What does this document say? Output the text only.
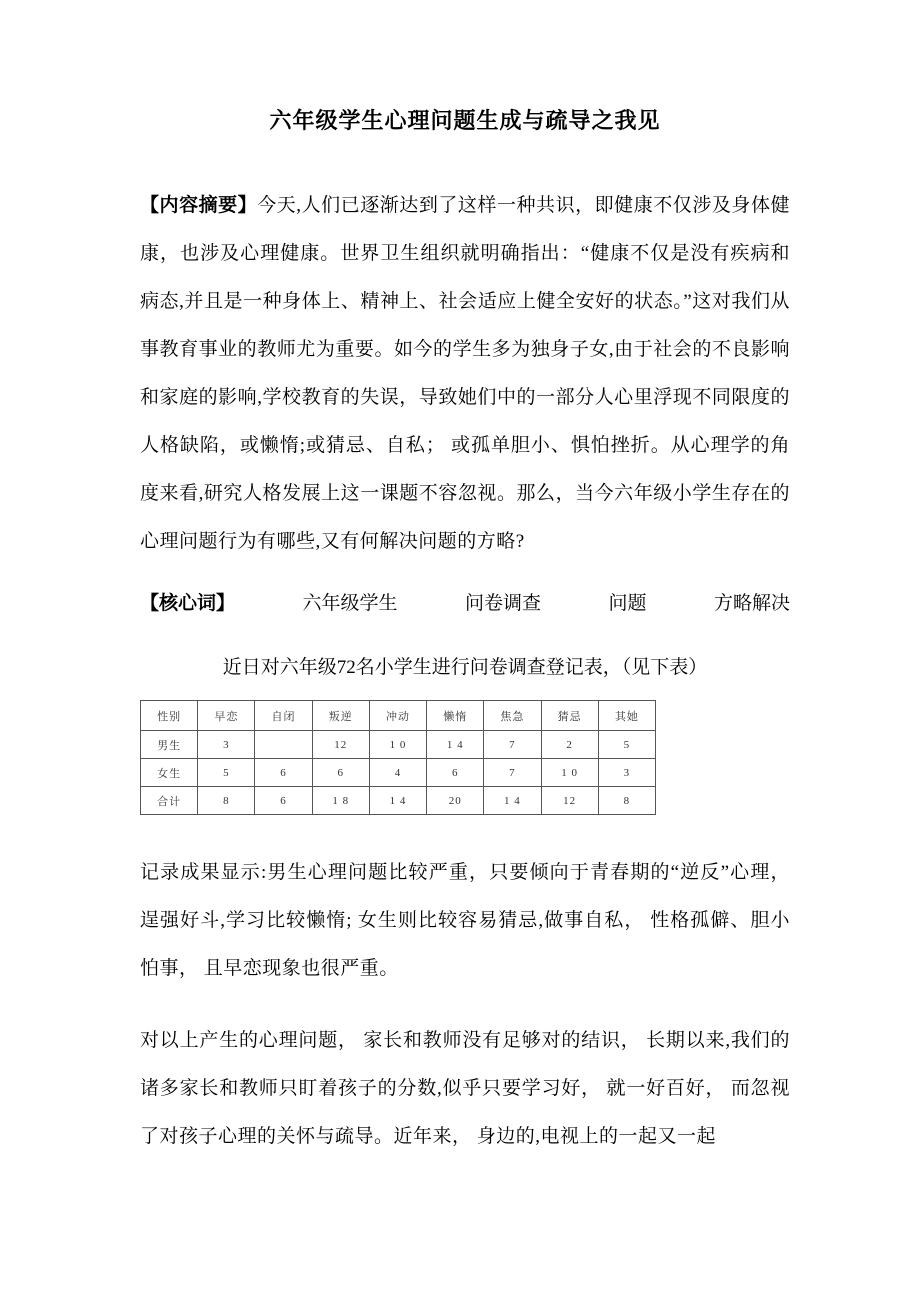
六年级学生心理问题生成与疏导之我见

【内容摘要】今天,人们已逐渐达到了这样一种共识，即健康不仅涉及身体健康，也涉及心理健康。世界卫生组织就明确指出：“健康不仅是没有疾病和病态,并且是一种身体上、精神上、社会适应上健全安好的状态。”这对我们从事教育事业的教师尤为重要。如今的学生多为独身子女,由于社会的不良影响和家庭的影响,学校教育的失误，导致她们中的一部分人心里浮现不同限度的人格缺陷，或懒惰;或猜忌、自私； 或孤单胆小、惧怕挫折。从心理学的角度来看,研究人格发展上这一课题不容忽视。那么，当今六年级小学生存在的心理问题行为有哪些,又有何解决问题的方略?

【核心词】	六年级学生	问卷调查	问题	方略解决

近日对六年级72名小学生进行问卷调查登记表，（见下表）

性别	早恋	自闭	叛逆	冲动	懒惰	焦急	猜忌	其她
男生	3		12	1 0	1 4	7	2	5
女生	5	6	6	4	6	7	1 0	3
合计	8	6	1 8	1 4	20	1 4	12	8

记录成果显示:男生心理问题比较严重，只要倾向于青春期的“逆反”心理， 逞强好斗,学习比较懒惰; 女生则比较容易猜忌,做事自私， 性格孤僻、胆小怕事， 且早恋现象也很严重。

对以上产生的心理问题， 家长和教师没有足够对的结识， 长期以来,我们的诸多家长和教师只盯着孩子的分数,似乎只要学习好， 就一好百好， 而忽视了对孩子心理的关怀与疏导。近年来， 身边的,电视上的一起又一起
